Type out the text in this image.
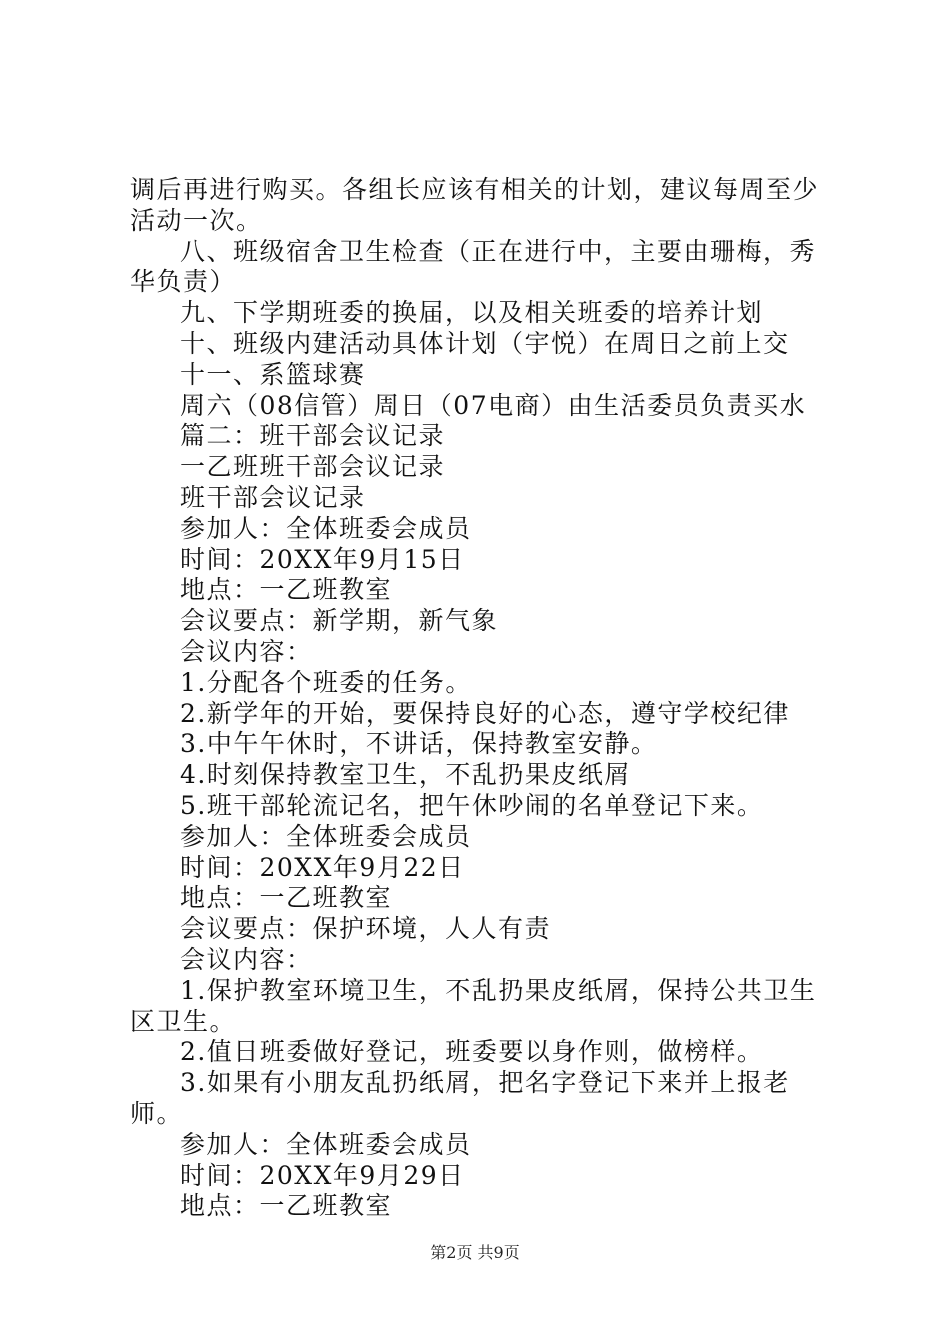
调后再进行购买。各组长应该有相关的计划，建议每周至少活动一次。

八、班级宿舍卫生检查（正在进行中，主要由珊梅，秀华负责）

九、下学期班委的换届，以及相关班委的培养计划

十、班级内建活动具体计划（宇悦）在周日之前上交

十一、系篮球赛

周六（08信管）周日（07电商）由生活委员负责买水

篇二：班干部会议记录

一乙班班干部会议记录

班干部会议记录

参加人：全体班委会成员

时间：20XX年9月15日

地点：一乙班教室

会议要点：新学期，新气象

会议内容：

1.分配各个班委的任务。

2.新学年的开始，要保持良好的心态，遵守学校纪律

3.中午午休时，不讲话，保持教室安静。

4.时刻保持教室卫生，不乱扔果皮纸屑

5.班干部轮流记名，把午休吵闹的名单登记下来。

参加人：全体班委会成员

时间：20XX年9月22日

地点：一乙班教室

会议要点：保护环境，人人有责

会议内容：

1.保护教室环境卫生，不乱扔果皮纸屑，保持公共卫生区卫生。

2.值日班委做好登记，班委要以身作则，做榜样。

3.如果有小朋友乱扔纸屑，把名字登记下来并上报老师。

参加人：全体班委会成员

时间：20XX年9月29日

地点：一乙班教室

第2页 共9页
